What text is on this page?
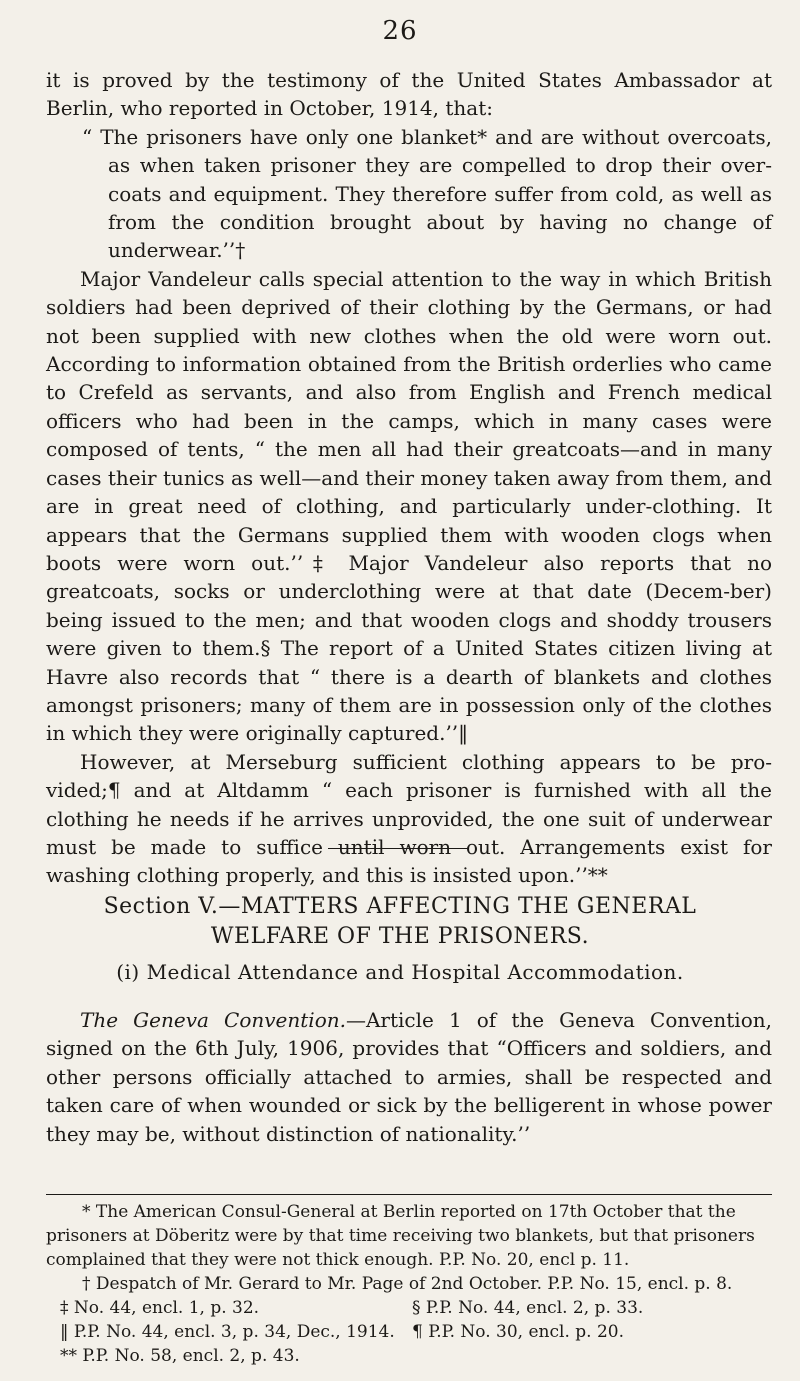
26

it is proved by the testimony of the United States Ambassador at Berlin, who reported in October, 1914, that:

“ The prisoners have only one blanket* and are without overcoats, as when taken prisoner they are compelled to drop their over-coats and equipment. They therefore suffer from cold, as well as from the condition brought about by having no change of underwear.’’†

Major Vandeleur calls special attention to the way in which British soldiers had been deprived of their clothing by the Germans, or had not been supplied with new clothes when the old were worn out. According to information obtained from the British orderlies who came to Crefeld as servants, and also from English and French medical officers who had been in the camps, which in many cases were composed of tents, “ the men all had their greatcoats—and in many cases their tunics as well—and their money taken away from them, and are in great need of clothing, and particularly under-clothing. It appears that the Germans supplied them with wooden clogs when boots were worn out.’’‡ Major Vandeleur also reports that no greatcoats, socks or underclothing were at that date (Decem-ber) being issued to the men; and that wooden clogs and shoddy trousers were given to them.§ The report of a United States citizen living at Havre also records that “ there is a dearth of blankets and clothes amongst prisoners; many of them are in possession only of the clothes in which they were originally captured.’’‖

However, at Merseburg sufficient clothing appears to be pro-vided;¶ and at Altdamm “ each prisoner is furnished with all the clothing he needs if he arrives unprovided, the one suit of underwear must be made to suffice until worn out. Arrangements exist for washing clothing properly, and this is insisted upon.’’**

Section V.—MATTERS AFFECTING THE GENERAL
WELFARE OF THE PRISONERS.
(i) Medical Attendance and Hospital Accommodation.

The Geneva Convention.—Article 1 of the Geneva Convention, signed on the 6th July, 1906, provides that “Officers and soldiers, and other persons officially attached to armies, shall be respected and taken care of when wounded or sick by the belligerent in whose power they may be, without distinction of nationality.’’

* The American Consul-General at Berlin reported on 17th October that the prisoners at Döberitz were by that time receiving two blankets, but that prisoners complained that they were not thick enough. P.P. No. 20, encl p. 11.

† Despatch of Mr. Gerard to Mr. Page of 2nd October. P.P. No. 15, encl. p. 8.

‡ No. 44, encl. 1, p. 32.	§ P.P. No. 44, encl. 2, p. 33.
‖ P.P. No. 44, encl. 3, p. 34, Dec., 1914.	¶ P.P. No. 30, encl. p. 20.
** P.P. No. 58, encl. 2, p. 43.
